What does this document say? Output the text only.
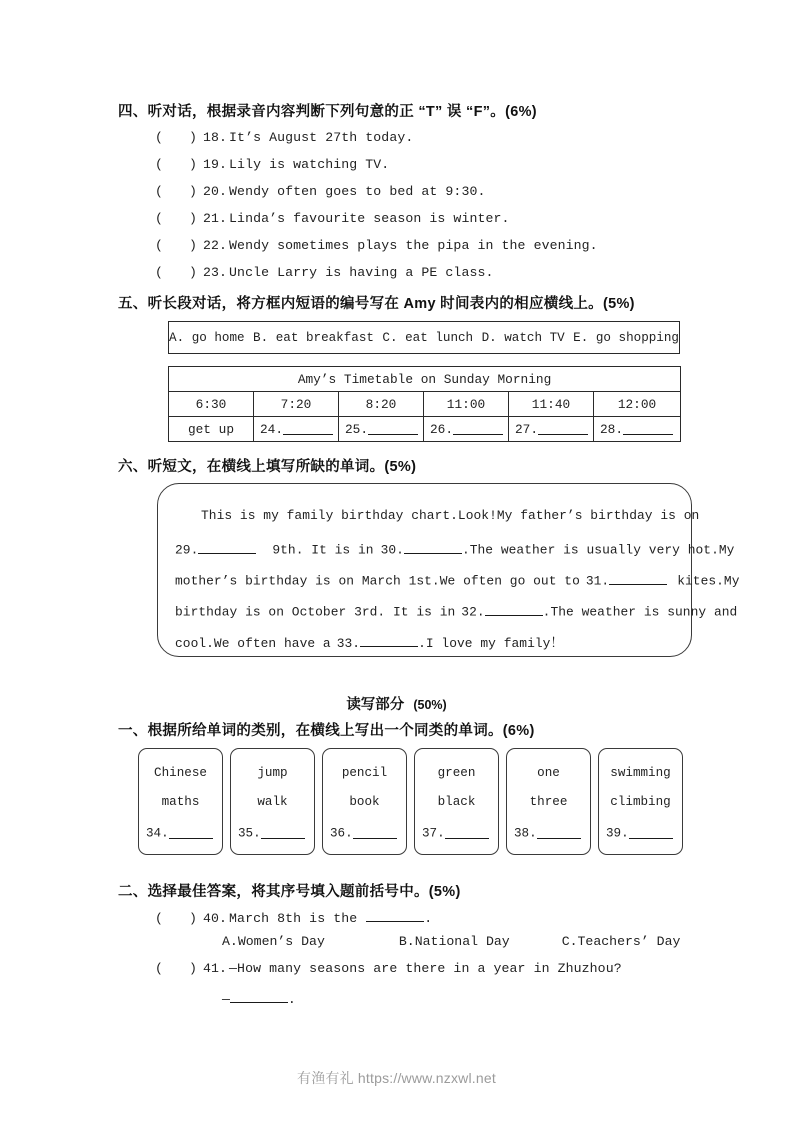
四、听对话，根据录音内容判断下列句意的正 “T” 误 “F”。(6%)
( ) 18. It’s August 27th today.
( ) 19. Lily is watching TV.
( ) 20. Wendy often goes to bed at 9:30.
( ) 21. Linda’s favourite season is winter.
( ) 22. Wendy sometimes plays the pipa in the evening.
( ) 23. Uncle Larry is having a PE class.
五、听长段对话，将方框内短语的编号写在 Amy 时间表内的相应横线上。(5%)
A. go home B. eat breakfast C. eat lunch D. watch TV E. go shopping
Amy’s Timetable on Sunday Morning					
6:30	7:20	8:20	11:00	11:40	12:00
get up	24.	25.	26.	27.	28.
六、听短文，在横线上填写所缺的单词。(5%)
This is my family birthday chart.Look!My father’s birthday is on
29.	9th. It is in 30.	.The weather is usually very hot.My
mother’s birthday is on March 1st.We often go out to 31.	kites.My
birthday is on October 3rd. It is in 32.	.The weather is sunny and
cool.We often have a 33.	.I love my family！
读写部分 (50%)
一、根据所给单词的类别，在横线上写出一个同类的单词。(6%)
Chinese
maths
34.
jump
walk
35.
pencil
book
36.
green
black
37.
one
three
38.
swimming
climbing
39.
二、选择最佳答案，将其序号填入题前括号中。(5%)
( ) 40. March 8th is the	.
A.Women’s Day	B.National Day	C.Teachers’ Day
( ) 41. —How many seasons are there in a year in Zhuzhou?
—	.
有渔有礼 https://www.nzxwl.net
